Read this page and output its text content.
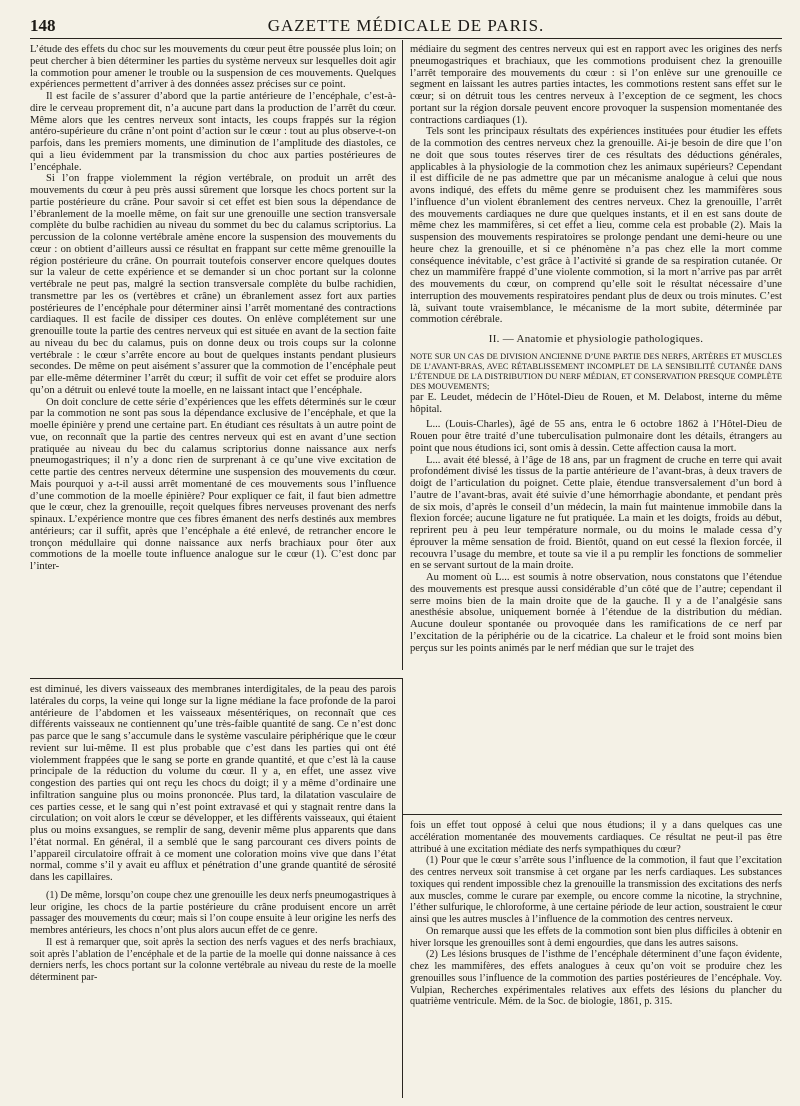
148	GAZETTE MÉDICALE DE PARIS.

L’étude des effets du choc sur les mouvements du cœur peut être poussée plus loin; on peut chercher à bien déterminer les parties du système nerveux sur lesquelles doit agir la commotion pour amener le trouble ou la suspension de ces mouvements. Quelques expériences permettent d’arriver à des données assez précises sur ce point.

Il est facile de s’assurer d’abord que la partie antérieure de l’encéphale, c’est-à-dire le cerveau proprement dit, n’a aucune part dans la production de l’arrêt du cœur. Même alors que les centres nerveux sont intacts, les coups frappés sur la région antéro-supérieure du crâne n’ont point d’action sur le cœur : tout au plus observe-t-on parfois, dans les premiers moments, une diminution de l’amplitude des diastoles, ce qui a lieu évidemment par la transmission du choc aux parties postérieures de l’encéphale.

Si l’on frappe violemment la région vertébrale, on produit un arrêt des mouvements du cœur à peu près aussi sûrement que lorsque les chocs portent sur la partie postérieure du crâne. Pour savoir si cet effet est bien sous la dépendance de l’ébranlement de la moelle même, on fait sur une grenouille une section transversale complète du bulbe rachidien au niveau du sommet du bec du calamus scriptorius. La percussion de la colonne vertébrale amène encore la suspension des mouvements du cœur : on obtient d’ailleurs aussi ce résultat en frappant sur cette même grenouille la région postérieure du crâne. On pourrait toutefois conserver encore quelques doutes sur la valeur de cette expérience et se demander si un choc portant sur la colonne vertébrale ne peut pas, malgré la section transversale complète du bulbe rachidien, transmettre par les os (vertèbres et crâne) un ébranlement assez fort aux parties postérieures de l’encéphale pour déterminer ainsi l’arrêt momentané des contractions cardiaques. Il est facile de dissiper ces doutes. On enlève complétement sur une grenouille toute la partie des centres nerveux qui est située en avant de la section faite au niveau du bec du calamus, puis on donne deux ou trois coups sur la colonne vertébrale : le cœur s’arrête encore au bout de quelques instants pendant plusieurs secondes. De même on peut aisément s’assurer que la commotion de l’encéphale peut par elle-même déterminer l’arrêt du cœur; il suffit de voir cet effet se produire alors qu’on a détruit ou enlevé toute la moelle, en ne laissant intact que l’encéphale.

On doit conclure de cette série d’expériences que les effets déterminés sur le cœur par la commotion ne sont pas sous la dépendance exclusive de l’encéphale, et que la moelle épinière y prend une certaine part. En étudiant ces résultats à un autre point de vue, on reconnaît que la partie des centres nerveux qui est en avant d’une section pratiquée au niveau du bec du calamus scriptorius donne naissance aux nerfs pneumogastriques; il n’y a donc rien de surprenant à ce qu’une vive excitation de cette partie des centres nerveux détermine une suspension des mouvements du cœur. Mais pourquoi y a-t-il aussi arrêt momentané de ces mouvements sous l’influence d’une commotion de la moelle épinière? Pour expliquer ce fait, il faut bien admettre que le cœur, chez la grenouille, reçoit quelques fibres nerveuses provenant des nerfs spinaux. L’expérience montre que ces fibres émanent des nerfs destinés aux membres antérieurs; car il suffit, après que l’encéphale a été enlevé, de retrancher encore le tronçon médullaire qui donne naissance aux nerfs brachiaux pour ôter aux commotions de la moelle toute influence analogue sur le cœur (1). C’est donc par l’inter-

médiaire du segment des centres nerveux qui est en rapport avec les origines des nerfs pneumogastriques et brachiaux, que les commotions produisent chez la grenouille l’arrêt temporaire des mouvements du cœur : si l’on enlève sur une grenouille ce segment en laissant les autres parties intactes, les commotions restent sans effet sur le cœur; si on détruit tous les centres nerveux à l’exception de ce segment, les chocs portant sur la région dorsale peuvent encore provoquer la suspension momentanée des contractions cardiaques (1).

Tels sont les principaux résultats des expériences instituées pour étudier les effets de la commotion des centres nerveux chez la grenouille. Ai-je besoin de dire que l’on ne doit que sous toutes réserves tirer de ces résultats des déductions générales, applicables à la physiologie de la commotion chez les animaux supérieurs? Cependant il est difficile de ne pas admettre que par un mécanisme analogue à celui que nous avons indiqué, des effets du même genre se produisent chez les mammifères sous l’influence d’un violent ébranlement des centres nerveux. Chez la grenouille, l’arrêt des mouvements cardiaques ne dure que quelques instants, et il en est sans doute de même chez les mammifères, si cet effet a lieu, comme cela est probable (2). Mais la suspension des mouvements respiratoires se prolonge pendant une demi-heure ou une heure chez la grenouille, et si ce phénomène n’a pas chez elle la mort comme conséquence inévitable, c’est grâce à l’activité si grande de sa respiration cutanée. Or chez un mammifère frappé d’une violente commotion, si la mort n’arrive pas par arrêt des mouvements du cœur, on comprend qu’elle soit le résultat nécessaire d’une interruption des mouvements respiratoires pendant plus de deux ou trois minutes. C’est là, suivant toute vraisemblance, le mécanisme de la mort subite, déterminée par commotion cérébrale.

II. — Anatomie et physiologie pathologiques.

NOTE SUR UN CAS DE DIVISION ANCIENNE D’UNE PARTIE DES NERFS, ARTÈRES ET MUSCLES DE L’AVANT-BRAS, AVEC RÉTABLISSEMENT INCOMPLET DE LA SENSIBILITÉ CUTANÉE DANS L’ÉTENDUE DE LA DISTRIBUTION DU NERF MÉDIAN, ET CONSERVATION PRESQUE COMPLÈTE DES MOUVEMENTS;

par E. Leudet, médecin de l’Hôtel-Dieu de Rouen, et M. Delabost, interne du même hôpital.

L... (Louis-Charles), âgé de 55 ans, entra le 6 octobre 1862 à l’Hôtel-Dieu de Rouen pour être traité d’une tuberculisation pulmonaire dont les détails, étrangers au point que nous étudions ici, sont omis à dessin. Cette affection causa la mort.

L... avait été blessé, à l’âge de 18 ans, par un fragment de cruche en terre qui avait profondément divisé les tissus de la partie antérieure de l’avant-bras, à deux travers de doigt de l’articulation du poignet. Cette plaie, étendue transversalement d’un bord à l’autre de l’avant-bras, avait été suivie d’une hémorrhagie abondante, et pendant près de six mois, d’après le conseil d’un médecin, la main fut maintenue immobile dans la flexion forcée; aucune ligature ne fut pratiquée. La main et les doigts, froids au début, reprirent peu à peu leur température normale, ou du moins le malade cessa d’y éprouver la même sensation de froid. Bientôt, quand on eut cessé la flexion forcée, il recouvra l’usage du membre, et toute sa vie il a pu remplir les fonctions de sommelier en se servant surtout de la main droite.

Au moment où L... est soumis à notre observation, nous constatons que l’étendue des mouvements est presque aussi considérable d’un côté que de l’autre; cependant il serre moins bien de la main droite que de la gauche. Il y a de l’analgésie sans anesthésie absolue, uniquement bornée à l’étendue de la distribution du médian. Aucune douleur spontanée ou provoquée dans les ramifications de ce nerf par l’excitation de la périphérie ou de la cicatrice. La chaleur et le froid sont moins bien perçus sur les points animés par le nerf médian que sur le trajet des

est diminué, les divers vaisseaux des membranes interdigitales, de la peau des parois latérales du corps, la veine qui longe sur la ligne médiane la face profonde de la paroi antérieure de l’abdomen et les vaisseaux mésentériques, on reconnaît que ces différents vaisseaux ne contiennent qu’une très-faible quantité de sang. Ce n’est donc pas parce que le sang s’accumule dans le système vasculaire périphérique que le cœur revient sur lui-même. Il est plus probable que c’est dans les parties qui ont été violemment frappées que le sang se porte en grande quantité, et que c’est là la cause principale de la réduction du volume du cœur. Il y a, en effet, une assez vive congestion des parties qui ont reçu les chocs du doigt; il y a même d’ordinaire une infiltration sanguine plus ou moins prononcée. Plus tard, la dilatation vasculaire de ces parties cesse, et le sang qui n’est point extravasé et qui y stagnait rentre dans la circulation; on voit alors le cœur se développer, et les différents vaisseaux, qui étaient plus ou moins exsangues, se remplir de sang, devenir même plus apparents que dans l’état normal. En général, il a semblé que le sang parcourant ces divers points de l’appareil circulatoire offrait à ce moment une coloration moins vive que dans l’état normal, comme s’il y avait eu afflux et pénétration d’une grande quantité de sérosité dans les capillaires.

(1) De même, lorsqu’on coupe chez une grenouille les deux nerfs pneumogastriques à leur origine, les chocs de la partie postérieure du crâne produisent encore un arrêt passager des mouvements du cœur; mais si l’on coupe ensuite à leur origine les nerfs des membres antérieurs, les chocs n’ont plus alors aucun effet de ce genre.

Il est à remarquer que, soit après la section des nerfs vagues et des nerfs brachiaux, soit après l’ablation de l’encéphale et de la partie de la moelle qui donne naissance à ces derniers nerfs, les chocs portant sur la colonne vertébrale au niveau du reste de la moelle déterminent par-

fois un effet tout opposé à celui que nous étudions; il y a dans quelques cas une accélération momentanée des mouvements cardiaques. Ce résultat ne peut-il pas être attribué à une excitation médiate des nerfs sympathiques du cœur?

(1) Pour que le cœur s’arrête sous l’influence de la commotion, il faut que l’excitation des centres nerveux soit transmise à cet organe par les nerfs cardiaques. Les substances toxiques qui rendent impossible chez la grenouille la transmission des excitations des nerfs aux muscles, comme le curare par exemple, ou encore comme la nicotine, la strychnine, l’éther sulfurique, le chloroforme, à une certaine période de leur action, soustraient le cœur ainsi que les autres muscles à l’influence de la commotion des centres nerveux.

On remarque aussi que les effets de la commotion sont bien plus difficiles à obtenir en hiver lorsque les grenouilles sont à demi engourdies, que dans les autres saisons.

(2) Les lésions brusques de l’isthme de l’encéphale déterminent d’une façon évidente, chez les mammifères, des effets analogues à ceux qu’on voit se produire chez les grenouilles sous l’influence de la commotion des parties postérieures de l’encéphale. Voy. Vulpian, Recherches expérimentales relatives aux effets des lésions du plancher du quatrième ventricule. Mém. de la Soc. de biologie, 1861, p. 315.
